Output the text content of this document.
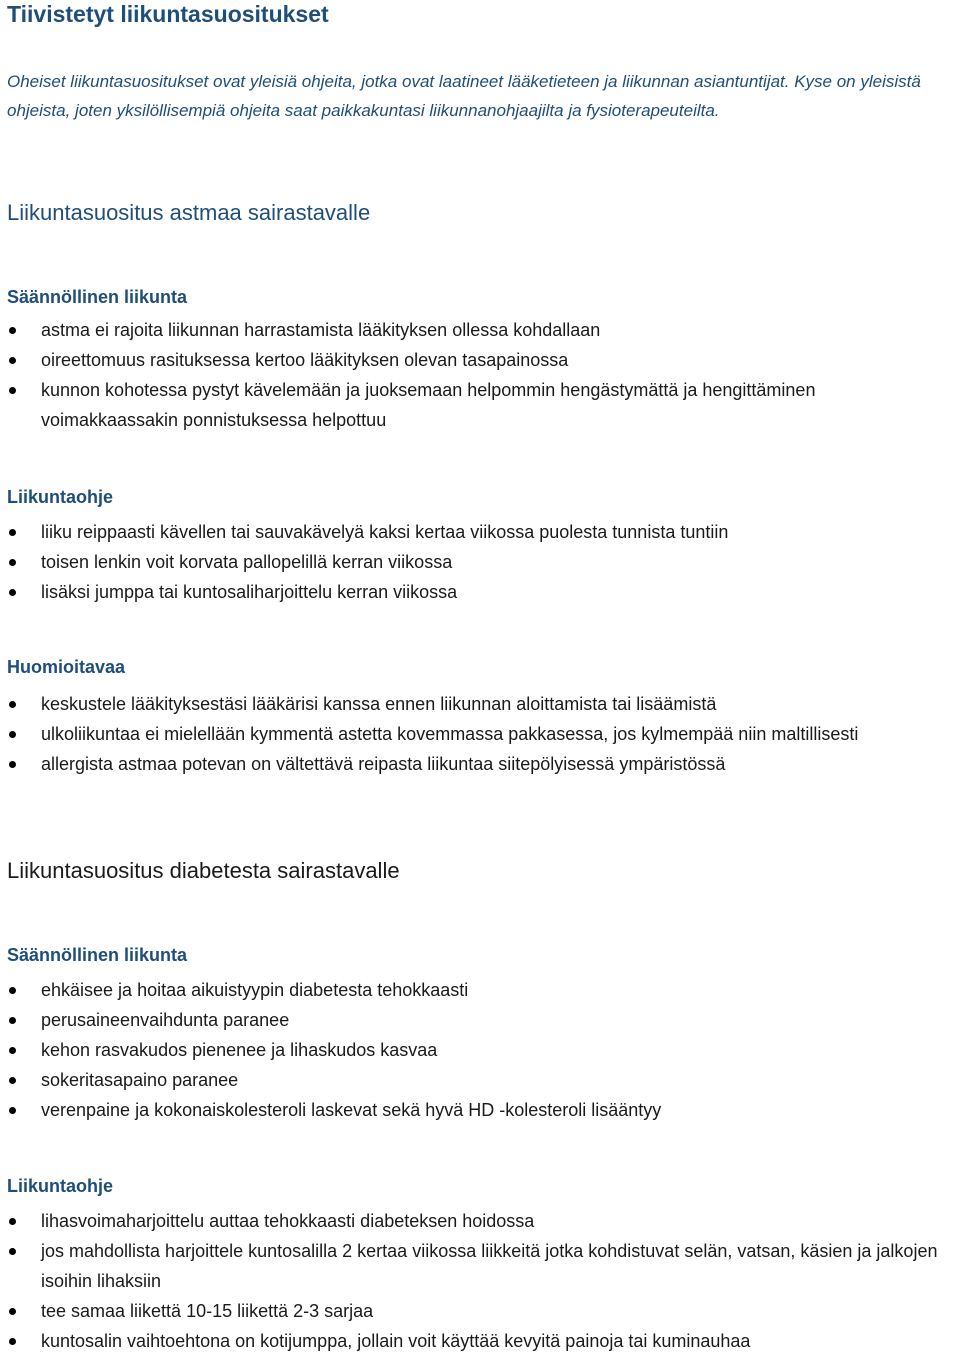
Tiivistetyt liikuntasuositukset

Oheiset liikuntasuositukset ovat yleisiä ohjeita, jotka ovat laatineet lääketieteen ja liikunnan asiantuntijat. Kyse on yleisistä ohjeista, joten yksilöllisempiä ohjeita saat paikkakuntasi liikunnanohjaajilta ja fysioterapeuteilta.

Liikuntasuositus astmaa sairastavalle
Säännöllinen liikunta
astma ei rajoita liikunnan harrastamista lääkityksen ollessa kohdallaan
oireettomuus rasituksessa kertoo lääkityksen olevan tasapainossa
kunnon kohotessa pystyt kävelemään ja juoksemaan helpommin hengästymättä ja hengittäminen voimakkaassakin ponnistuksessa helpottuu
Liikuntaohje
liiku reippaasti kävellen tai sauvakävelyä kaksi kertaa viikossa puolesta tunnista tuntiin
toisen lenkin voit korvata pallopelillä kerran viikossa
lisäksi jumppa tai kuntosaliharjoittelu kerran viikossa
Huomioitavaa
keskustele lääkityksestäsi lääkärisi kanssa ennen liikunnan aloittamista tai lisäämistä
ulkoliikuntaa ei mielellään kymmentä astetta kovemmassa pakkasessa, jos kylmempää niin maltillisesti
allergista astmaa potevan on vältettävä reipasta liikuntaa siitepölyisessä ympäristössä
Liikuntasuositus diabetesta sairastavalle
Säännöllinen liikunta
ehkäisee ja hoitaa aikuistyypin diabetesta tehokkaasti
perusaineenvaihdunta paranee
kehon rasvakudos pienenee ja lihaskudos kasvaa
sokeritasapaino paranee
verenpaine ja kokonaiskolesteroli laskevat sekä hyvä HD -kolesteroli lisääntyy
Liikuntaohje
lihasvoimaharjoittelu auttaa tehokkaasti diabeteksen hoidossa
jos mahdollista harjoittele kuntosalilla 2 kertaa viikossa liikkeitä jotka kohdistuvat selän, vatsan, käsien ja jalkojen isoihin lihaksiin
tee samaa liikettä 10-15 liikettä 2-3 sarjaa
kuntosalin vaihtoehtona on kotijumppa, jollain voit käyttää kevyitä painoja tai kuminauhaa
